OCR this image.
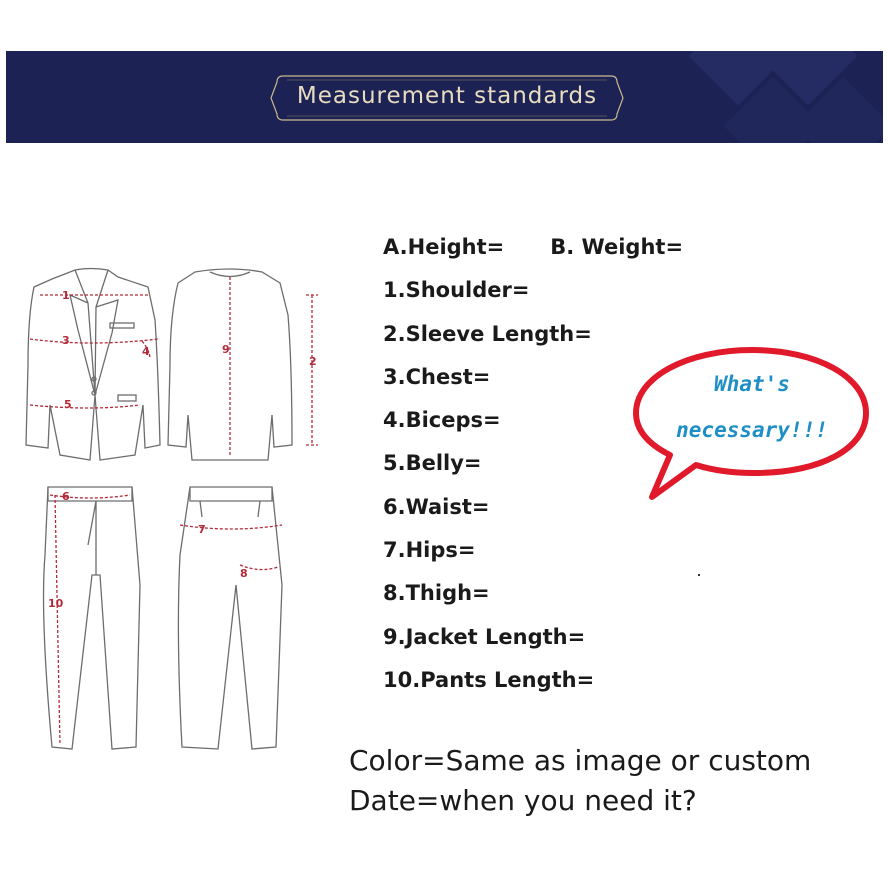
Measurement standards
1
2
3
4
5
6
7
8
9
10
A.Height= B. Weight=
1.Shoulder=
2.Sleeve Length=
3.Chest=
4.Biceps=
5.Belly=
6.Waist=
7.Hips=
8.Thigh=
9.Jacket Length=
10.Pants Length=
What's
necessary!!!
Color=Same as image or custom
Date=when you need it?
